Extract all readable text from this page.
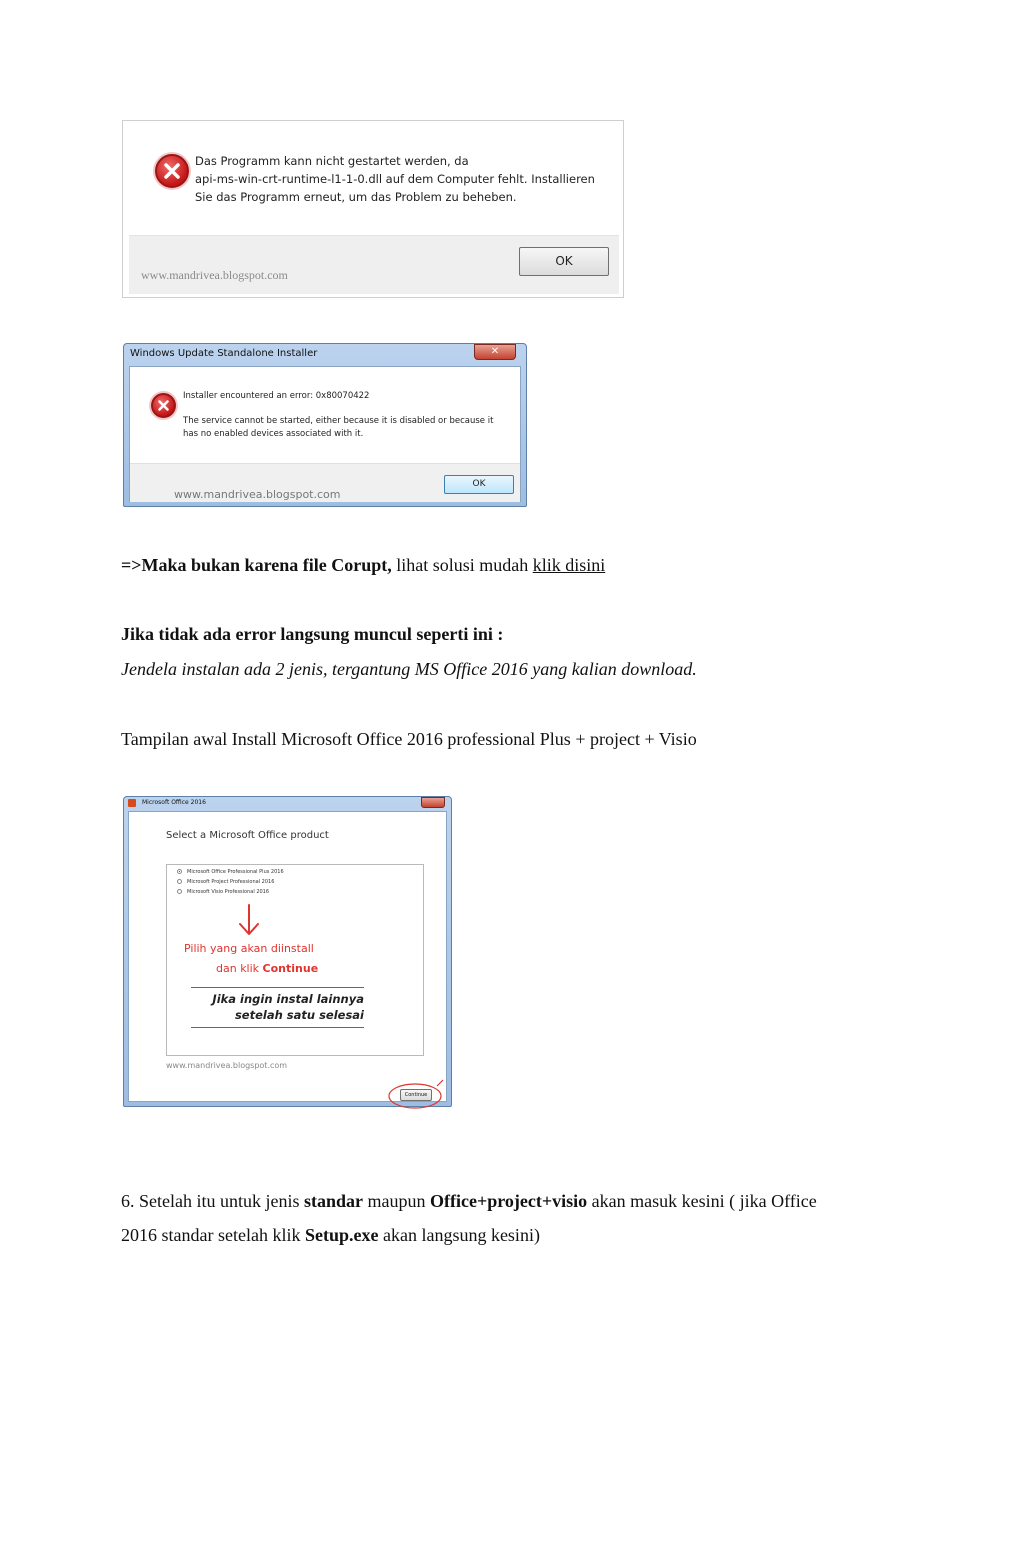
Das Programm kann nicht gestartet werden, da
api-ms-win-crt-runtime-l1-1-0.dll auf dem Computer fehlt. Installieren
Sie das Programm erneut, um das Problem zu beheben.
www.mandrivea.blogspot.com
OK
Windows Update Standalone Installer	✕
Installer encountered an error: 0x80070422
The service cannot be started, either because it is disabled or because it
has no enabled devices associated with it.
www.mandrivea.blogspot.com
OK
=>Maka bukan karena file Corupt, lihat solusi mudah klik disini
Jika tidak ada error langsung muncul seperti ini :
Jendela instalan ada 2 jenis, tergantung MS Office 2016 yang kalian download.
Tampilan awal Install Microsoft Office 2016 professional Plus + project + Visio
Microsoft Office 2016
Select a Microsoft Office product
Microsoft Office Professional Plus 2016
Microsoft Project Professional 2016
Microsoft Visio Professional 2016
Pilih yang akan diinstall
dan klik Continue
Jika ingin instal lainnya
setelah satu selesai
www.mandrivea.blogspot.com
Continue
6. Setelah itu untuk jenis standar maupun Office+project+visio akan masuk kesini ( jika Office
2016 standar setelah klik Setup.exe akan langsung kesini)
